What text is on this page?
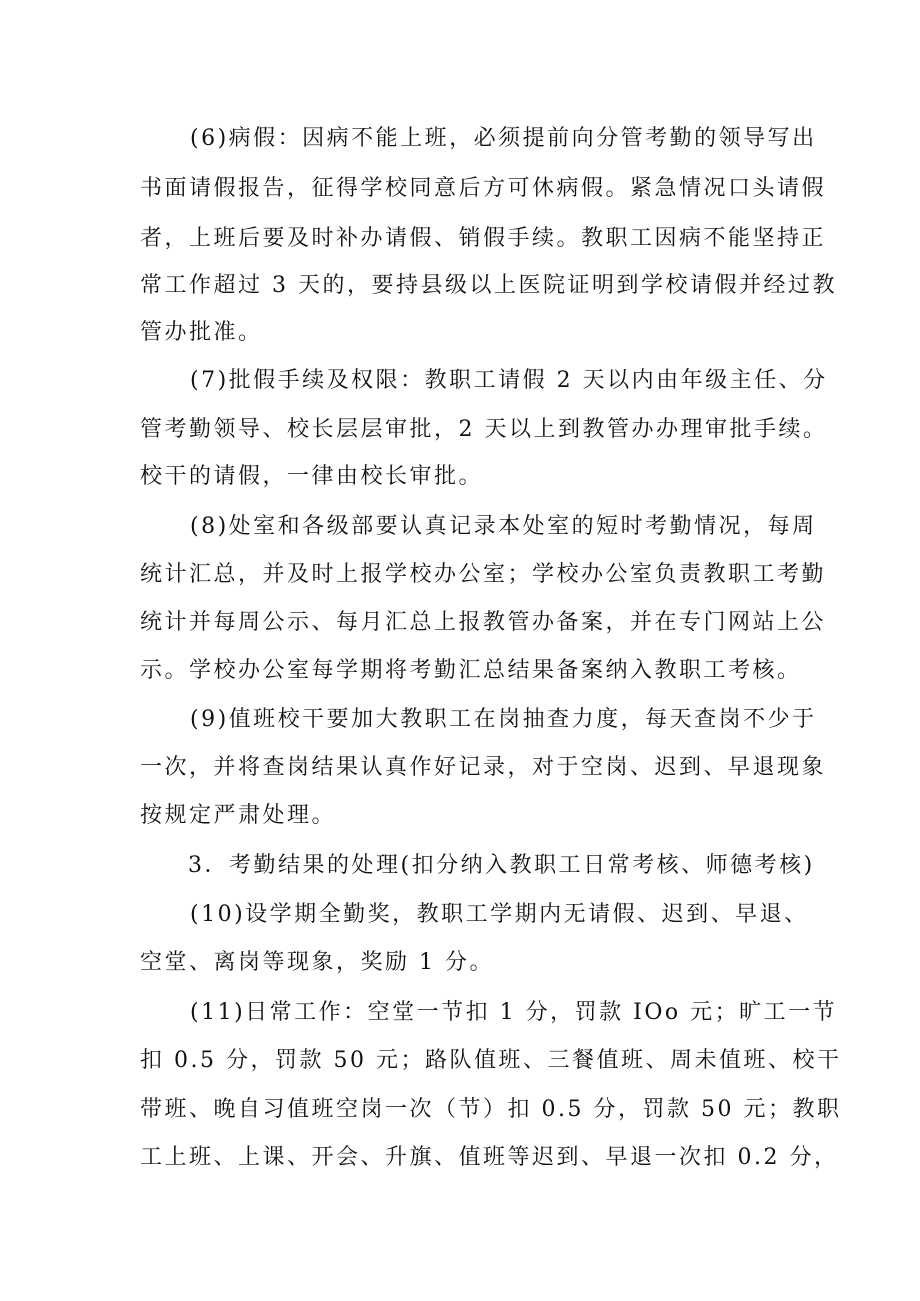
(6)病假：因病不能上班，必须提前向分管考勤的领导写出
书面请假报告，征得学校同意后方可休病假。紧急情况口头请假
者，上班后要及时补办请假、销假手续。教职工因病不能坚持正
常工作超过 3 天的，要持县级以上医院证明到学校请假并经过教
管办批准。
(7)批假手续及权限：教职工请假 2 天以内由年级主任、分
管考勤领导、校长层层审批，2 天以上到教管办办理审批手续。
校干的请假，一律由校长审批。
(8)处室和各级部要认真记录本处室的短时考勤情况，每周
统计汇总，并及时上报学校办公室；学校办公室负责教职工考勤
统计并每周公示、每月汇总上报教管办备案，并在专门网站上公
示。学校办公室每学期将考勤汇总结果备案纳入教职工考核。
(9)值班校干要加大教职工在岗抽查力度，每天查岗不少于
一次，并将查岗结果认真作好记录，对于空岗、迟到、早退现象
按规定严肃处理。
3．考勤结果的处理(扣分纳入教职工日常考核、师德考核)
(10)设学期全勤奖，教职工学期内无请假、迟到、早退、
空堂、离岗等现象，奖励 1 分。
(11)日常工作：空堂一节扣 1 分，罚款 IOo 元；旷工一节
扣 0.5 分，罚款 50 元；路队值班、三餐值班、周未值班、校干
带班、晚自习值班空岗一次（节）扣 0.5 分，罚款 50 元；教职
工上班、上课、开会、升旗、值班等迟到、早退一次扣 0.2 分，
